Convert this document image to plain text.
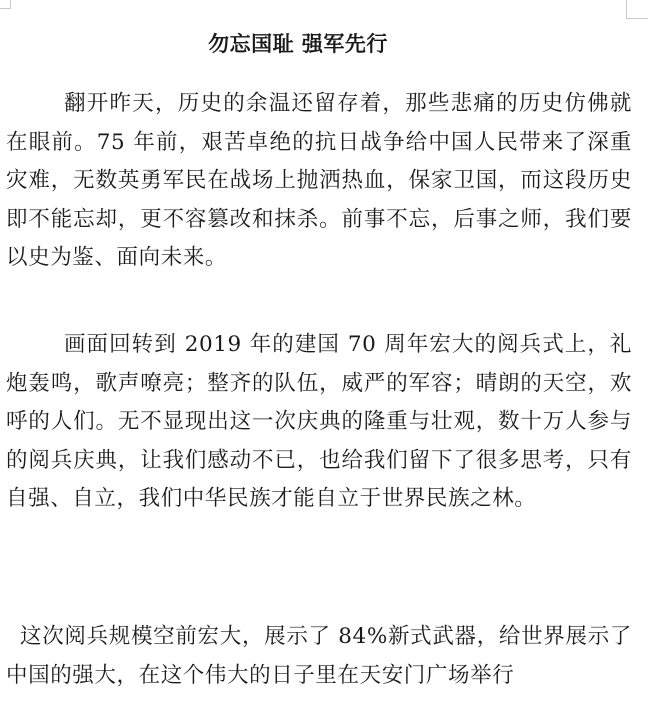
勿忘国耻 强军先行

翻开昨天，历史的余温还留存着，那些悲痛的历史仿佛就在眼前。75 年前，艰苦卓绝的抗日战争给中国人民带来了深重灾难，无数英勇军民在战场上抛洒热血，保家卫国，而这段历史即不能忘却，更不容篡改和抹杀。前事不忘，后事之师，我们要以史为鉴、面向未来。

画面回转到 2019 年的建国 70 周年宏大的阅兵式上，礼炮轰鸣，歌声嘹亮；整齐的队伍，威严的军容；晴朗的天空，欢呼的人们。无不显现出这一次庆典的隆重与壮观，数十万人参与的阅兵庆典，让我们感动不已，也给我们留下了很多思考，只有自强、自立，我们中华民族才能自立于世界民族之林。

这次阅兵规模空前宏大，展示了 84%新式武器，给世界展示了中国的强大，在这个伟大的日子里在天安门广场举行
